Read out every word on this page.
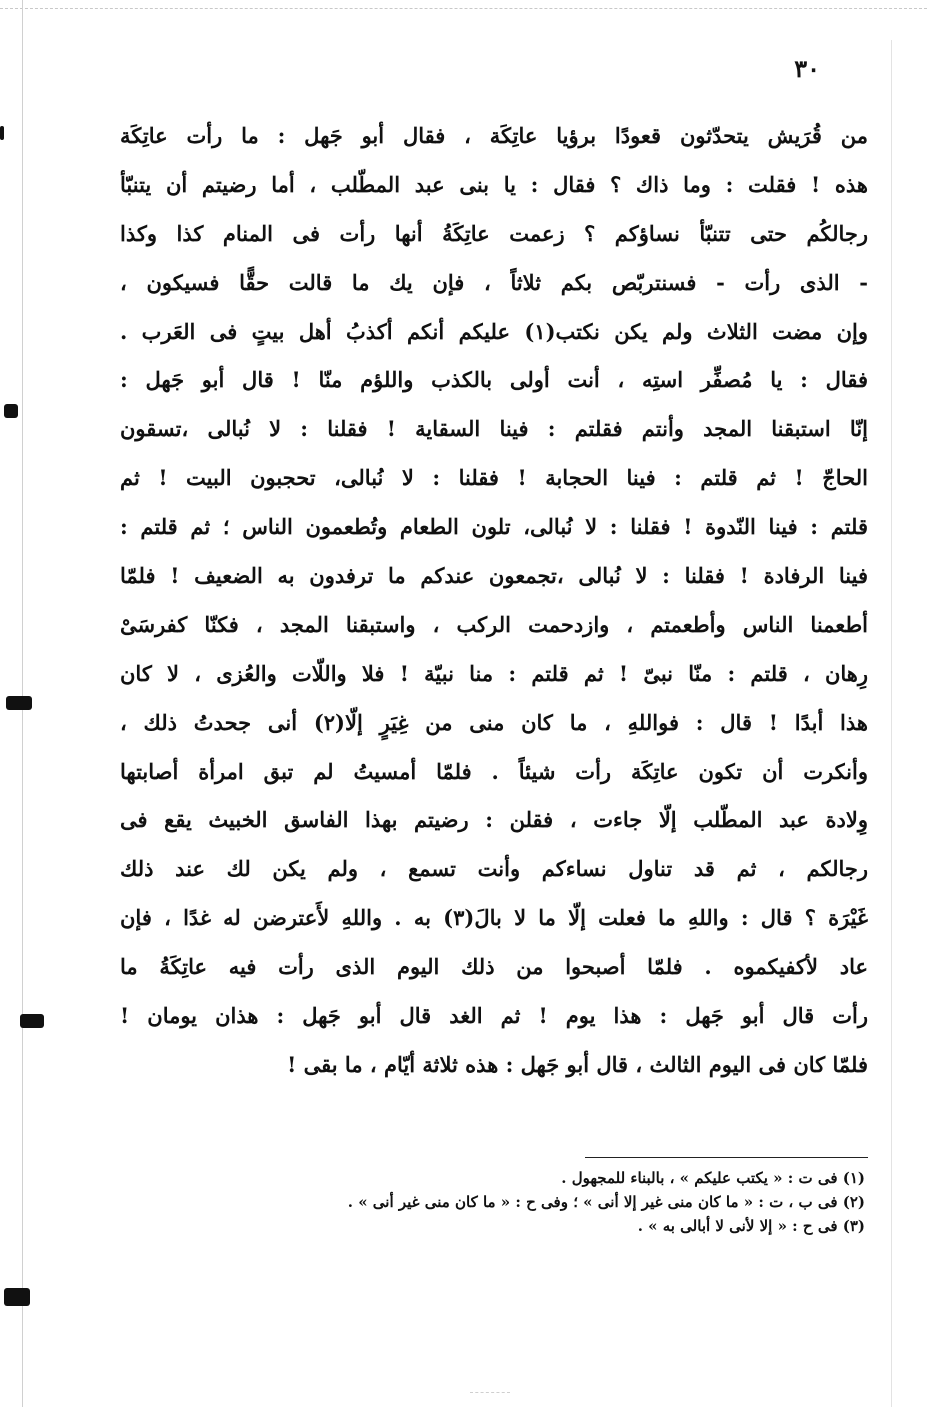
٣٠
من قُرَيش يتحدّثون قعودًا برؤيا عاتِكَة ، فقال أبو جَهل : ما رأت عاتِكَة
هذه ! فقلت : وما ذاك ؟ فقال : يا بنى عبد المطّلب ، أما رضيتم أن يتنبّأ
رجالكُم حتى تتنبّأ نساؤكم ؟ زعمت عاتِكَةُ أنها رأت فى المنام كذا وكذا
- الذى رأت - فسنتربّص بكم ثلاثاً ، فإن يك ما قالت حقًّا فسيكون ،
وإن مضت الثلاث ولم يكن نكتب(١) عليكم أنكم أكذبُ أهل بيتٍ فى العَرب .
فقال : يا مُصفِّر استِه ، أنت أولى بالكذب واللؤم منّا ! قال أبو جَهل :
إنّا استبقنا المجد وأنتم فقلتم : فينا السقاية ! فقلنا : لا نُبالى ،تسقون
الحاجّ ! ثم قلتم : فينا الحجابة ! فقلنا : لا نُبالى، تحجبون البيت ! ثم
قلتم : فينا النّدوة ! فقلنا : لا نُبالى، تلون الطعام وتُطعمون الناس ؛ ثم قلتم :
فينا الرفادة ! فقلنا : لا نُبالى ،تجمعون عندكم ما ترفدون به الضعيف ! فلمّا
أطعمنا الناس وأطعمتم ، وازدحمت الركب ، واستبقنا المجد ، فكنّا كفرسَىْ
رِهان ، قلتم : منّا نبىّ ! ثم قلتم : منا نبيّة ! فلا واللّات والعُزى ، لا كان
هذا أبدًا ! قال : فواللهِ ، ما كان منى من غِيَرٍ إلّا(٢) أنى جحدتُ ذلك ،
وأنكرت أن تكون عاتِكَة رأت شيئاً . فلمّا أمسيتُ لم تبق امرأة أصابتها
وِلادة عبد المطّلب إلّا جاءت ، فقلن : رضيتم بهذا الفاسق الخبيث يقع فى
رجالكم ، ثم قد تناول نساءكم وأنت تسمع ، ولم يكن لك عند ذلك
غَيْرَة ؟ قال : واللهِ ما فعلت إلّا ما لا بالَ(٣) به . واللهِ لأَعترضن له غدًا ، فإن
عاد لأكفيكموه . فلمّا أصبحوا من ذلك اليوم الذى رأت فيه عاتِكَةُ ما
رأت قال أبو جَهل : هذا يوم ! ثم الغد قال أبو جَهل : هذان يومان !
فلمّا كان فى اليوم الثالث ، قال أبو جَهل : هذه ثلاثة أيّام ، ما بقى !
(١) فى ت : « يكتب عليكم » ، بالبناء للمجهول .
(٢) فى ب ، ت : « ما كان منى غير إلا أنى » ؛ وفى ح : « ما كان منى غير أنى » .
(٣) فى ح : « إلا لأنى لا أبالى به » .
